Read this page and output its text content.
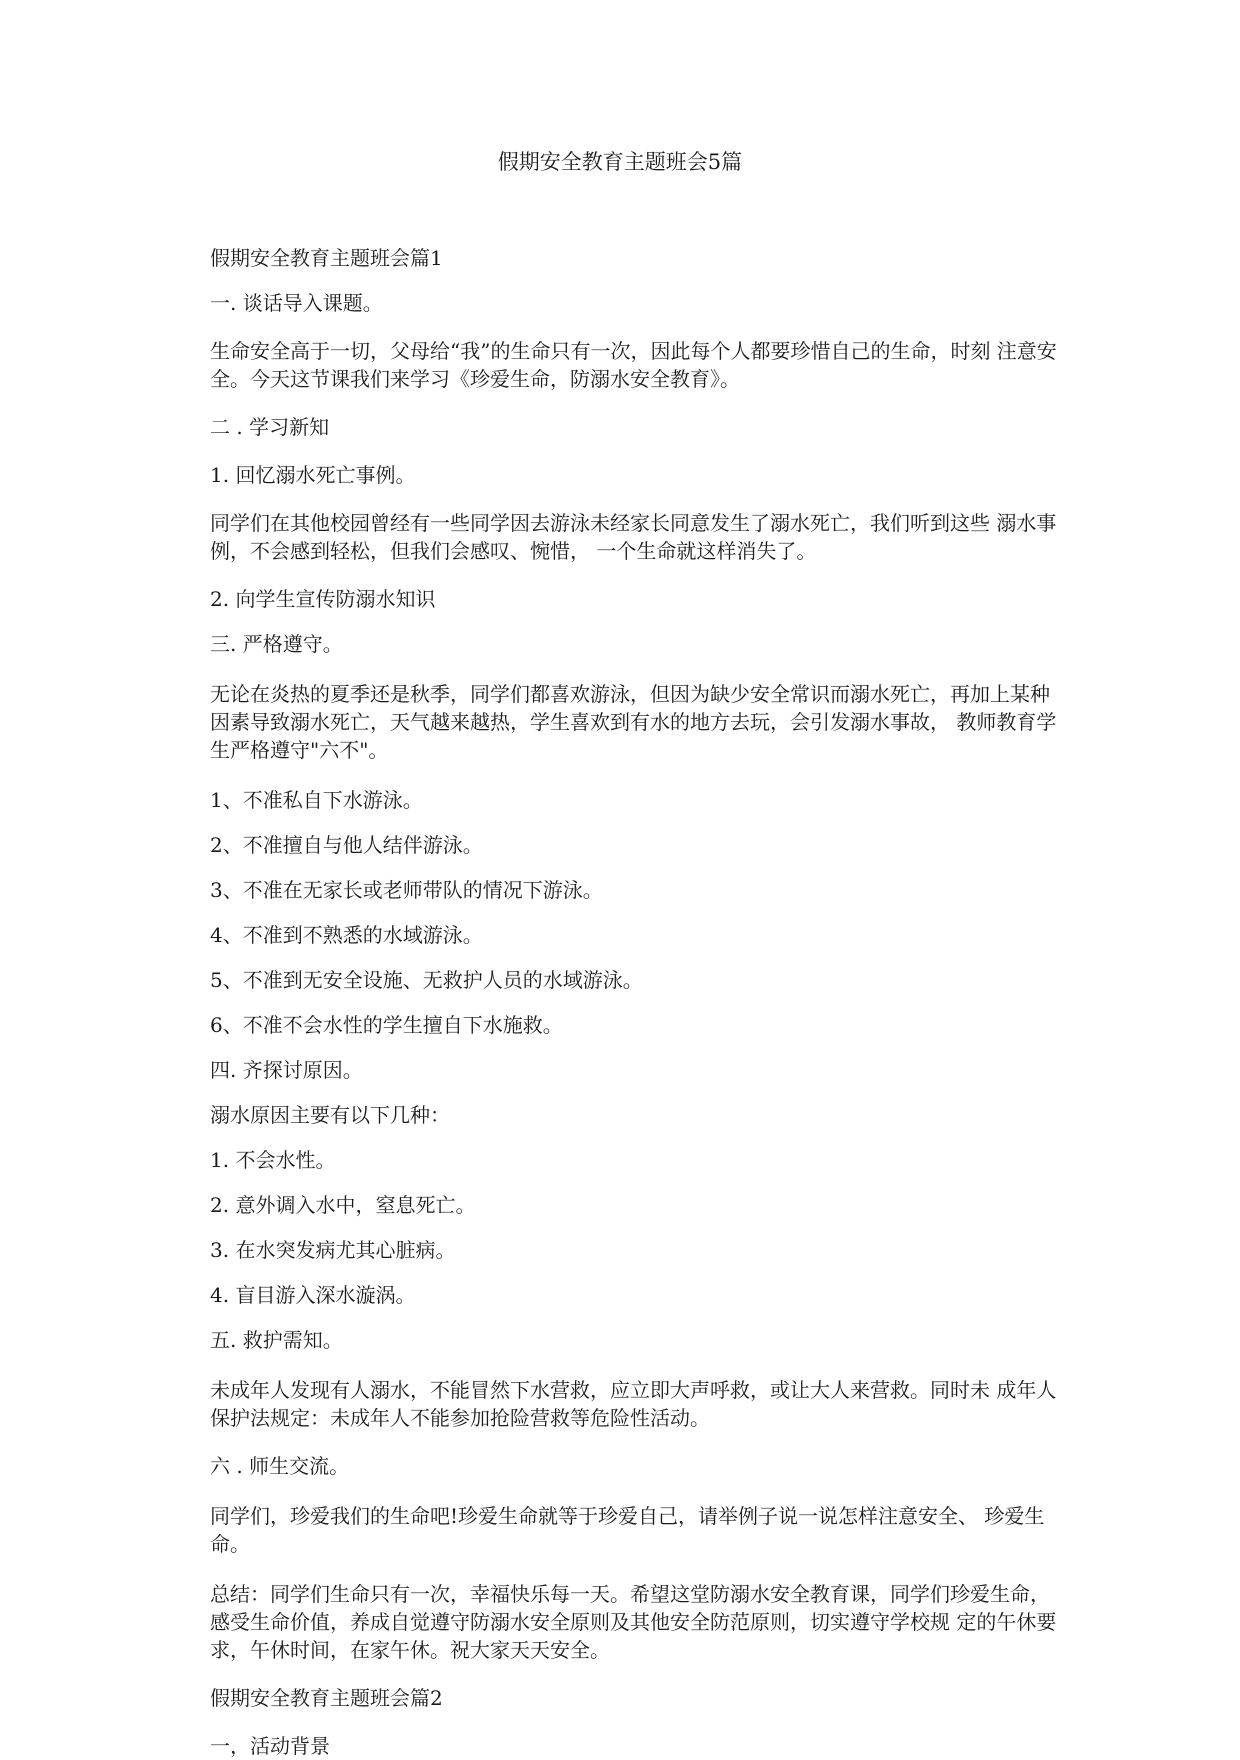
假期安全教育主题班会5篇

假期安全教育主题班会篇1

一. 谈话导入课题。

生命安全高于一切，父母给“我”的生命只有一次，因此每个人都要珍惜自己的生命，时刻 注意安全。今天这节课我们来学习《珍爱生命，防溺水安全教育》。

二 . 学习新知

1. 回忆溺水死亡事例。

同学们在其他校园曾经有一些同学因去游泳未经家长同意发生了溺水死亡，我们听到这些 溺水事例，不会感到轻松，但我们会感叹、惋惜， 一个生命就这样消失了。

2. 向学生宣传防溺水知识

三. 严格遵守。

无论在炎热的夏季还是秋季，同学们都喜欢游泳，但因为缺少安全常识而溺水死亡，再加上某种因素导致溺水死亡，天气越来越热，学生喜欢到有水的地方去玩，会引发溺水事故， 教师教育学生严格遵守"六不"。

1、不准私自下水游泳。

2、不准擅自与他人结伴游泳。

3、不准在无家长或老师带队的情况下游泳。

4、不准到不熟悉的水域游泳。

5、不准到无安全设施、无救护人员的水域游泳。

6、不准不会水性的学生擅自下水施救。

四. 齐探讨原因。

溺水原因主要有以下几种：

1. 不会水性。

2. 意外调入水中，窒息死亡。

3. 在水突发病尤其心脏病。

4. 盲目游入深水漩涡。

五. 救护需知。

未成年人发现有人溺水，不能冒然下水营救，应立即大声呼救，或让大人来营救。同时未 成年人保护法规定：未成年人不能参加抢险营救等危险性活动。

六 . 师生交流。

同学们，珍爱我们的生命吧!珍爱生命就等于珍爱自己，请举例子说一说怎样注意安全、 珍爱生命。

总结：同学们生命只有一次，幸福快乐每一天。希望这堂防溺水安全教育课，同学们珍爱生命，感受生命价值，养成自觉遵守防溺水安全原则及其他安全防范原则，切实遵守学校规 定的午休要求，午休时间，在家午休。祝大家天天安全。

假期安全教育主题班会篇2

一，活动背景
